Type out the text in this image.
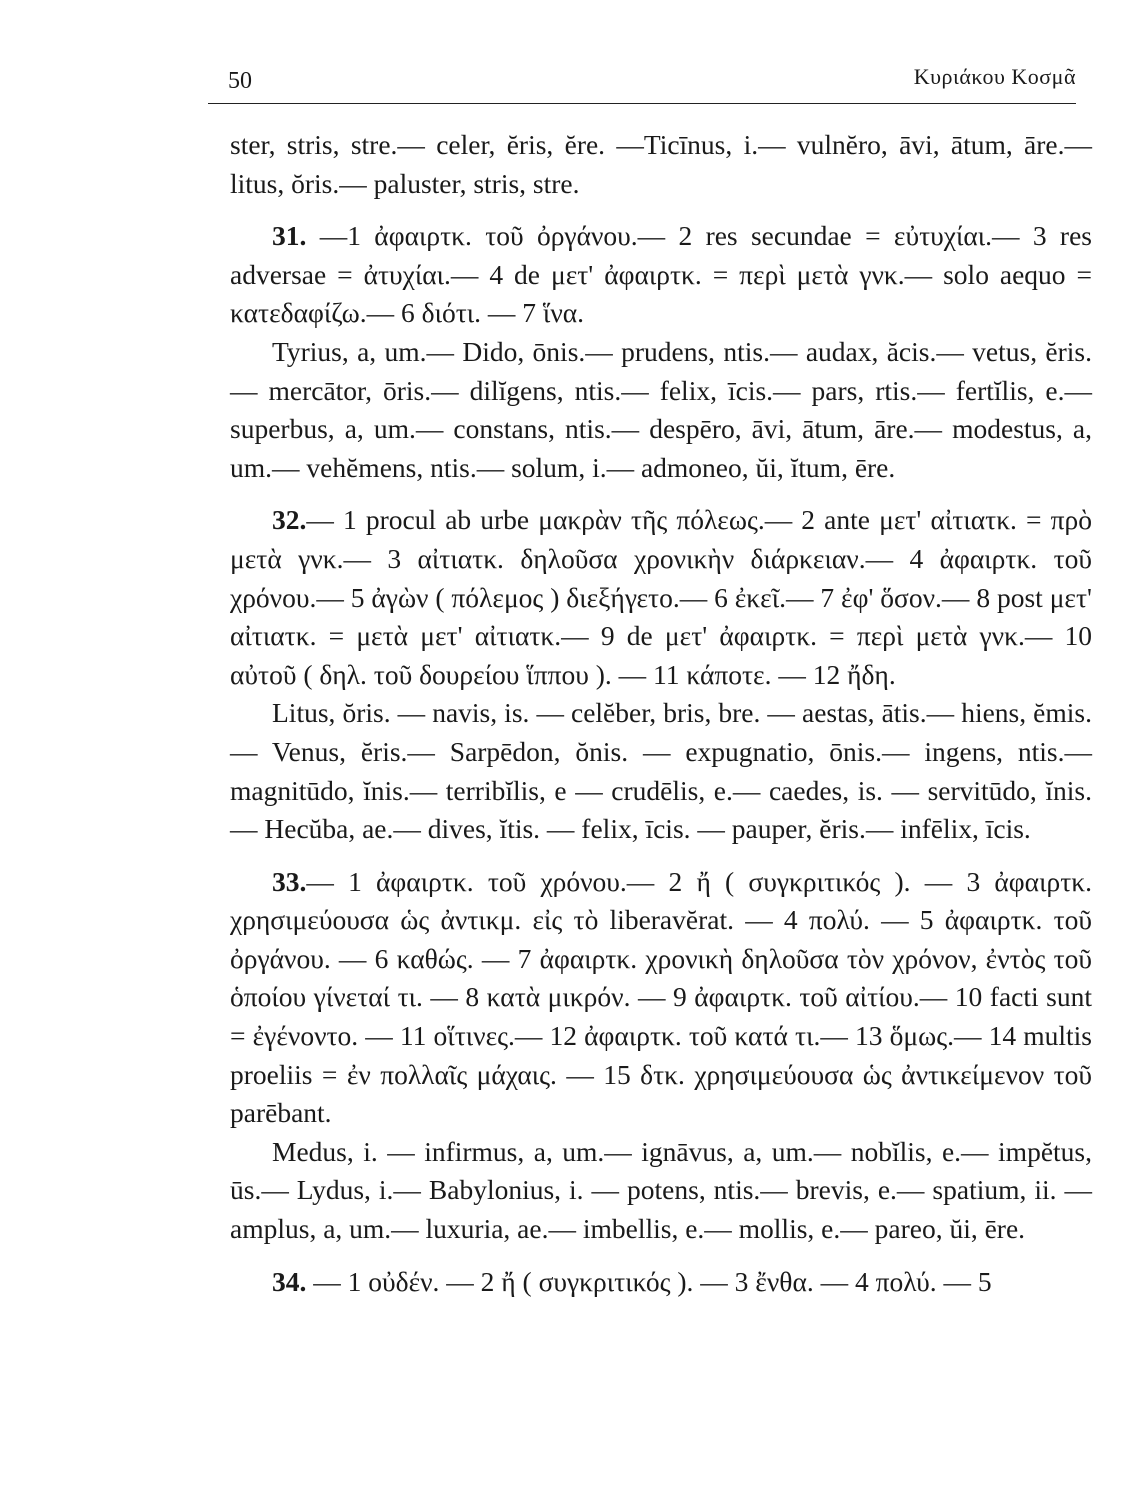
50	Κυριάκου Κοσμᾶ

ster, stris, stre.— celer, ĕris, ĕre. —Ticīnus, i.— vulnĕro, āvi, ātum, āre.— litus, ŏris.— paluster, stris, stre.

31. —1 ἀφαιρτκ. τοῦ ὀργάνου.— 2 res secundae = εὐτυχίαι.— 3 res adversae = ἀτυχίαι.— 4 de μετ' ἀφαιρτκ. = περὶ μετὰ γνκ.— solo aequo = κατεδαφίζω.— 6 διότι. — 7 ἵνα.

Tyrius, a, um.— Dido, ōnis.— prudens, ntis.— audax, ăcis.— vetus, ĕris.— mercātor, ōris.— dilĭgens, ntis.— felix, īcis.— pars, rtis.— fertĭlis, e.— superbus, a, um.— constans, ntis.— despēro, āvi, ātum, āre.— modestus, a, um.— vehĕmens, ntis.— solum, i.— admoneo, ŭi, ĭtum, ēre.

32.— 1 procul ab urbe μακρὰν τῆς πόλεως.— 2 ante μετ' αἰτιατκ. = πρὸ μετὰ γνκ.— 3 αἰτιατκ. δηλοῦσα χρονικὴν διάρκειαν.— 4 ἀφαιρτκ. τοῦ χρόνου.— 5 ἀγὼν ( πόλεμος ) διεξήγετο.— 6 ἐκεῖ.— 7 ἐφ' ὅσον.— 8 post μετ' αἰτιατκ. = μετὰ μετ' αἰτιατκ.— 9 de μετ' ἀφαιρτκ. = περὶ μετὰ γνκ.— 10 αὐτοῦ ( δηλ. τοῦ δουρείου ἵππου ). — 11 κάποτε. — 12 ἤδη.

Litus, ŏris. — navis, is. — celĕber, bris, bre. — aestas, ātis.— hiens, ĕmis. — Venus, ĕris.— Sarpēdon, ŏnis. — expugnatio, ōnis.— ingens, ntis.— magnitūdo, ĭnis.— terribĭlis, e — crudēlis, e.— caedes, is. — servitūdo, ĭnis.— Hecŭba, ae.— dives, ĭtis. — felix, īcis. — pauper, ĕris.— infēlix, īcis.

33.— 1 ἀφαιρτκ. τοῦ χρόνου.— 2 ἤ ( συγκριτικός ). — 3 ἀφαιρτκ. χρησιμεύουσα ὡς ἀντικμ. εἰς τὸ liberavĕrat. — 4 πολύ. — 5 ἀφαιρτκ. τοῦ ὀργάνου. — 6 καθώς. — 7 ἀφαιρτκ. χρονικὴ δηλοῦσα τὸν χρόνον, ἐντὸς τοῦ ὁποίου γίνεταί τι. — 8 κατὰ μικρόν. — 9 ἀφαιρτκ. τοῦ αἰτίου.— 10 facti sunt = ἐγένοντο. — 11 οἵτινες.— 12 ἀφαιρτκ. τοῦ κατά τι.— 13 ὅμως.— 14 multis proeliis = ἐν πολλαῖς μάχαις. — 15 δτκ. χρησιμεύουσα ὡς ἀντικείμενον τοῦ parēbant.

Medus, i. — infirmus, a, um.— ignāvus, a, um.— nobĭlis, e.— impĕtus, ūs.— Lydus, i.— Babylonius, i. — potens, ntis.— brevis, e.— spatium, ii. — amplus, a, um.— luxuria, ae.— imbellis, e.— mollis, e.— pareo, ŭi, ēre.

34. — 1 οὐδέν. — 2 ἤ ( συγκριτικός ). — 3 ἔνθα. — 4 πολύ. — 5
